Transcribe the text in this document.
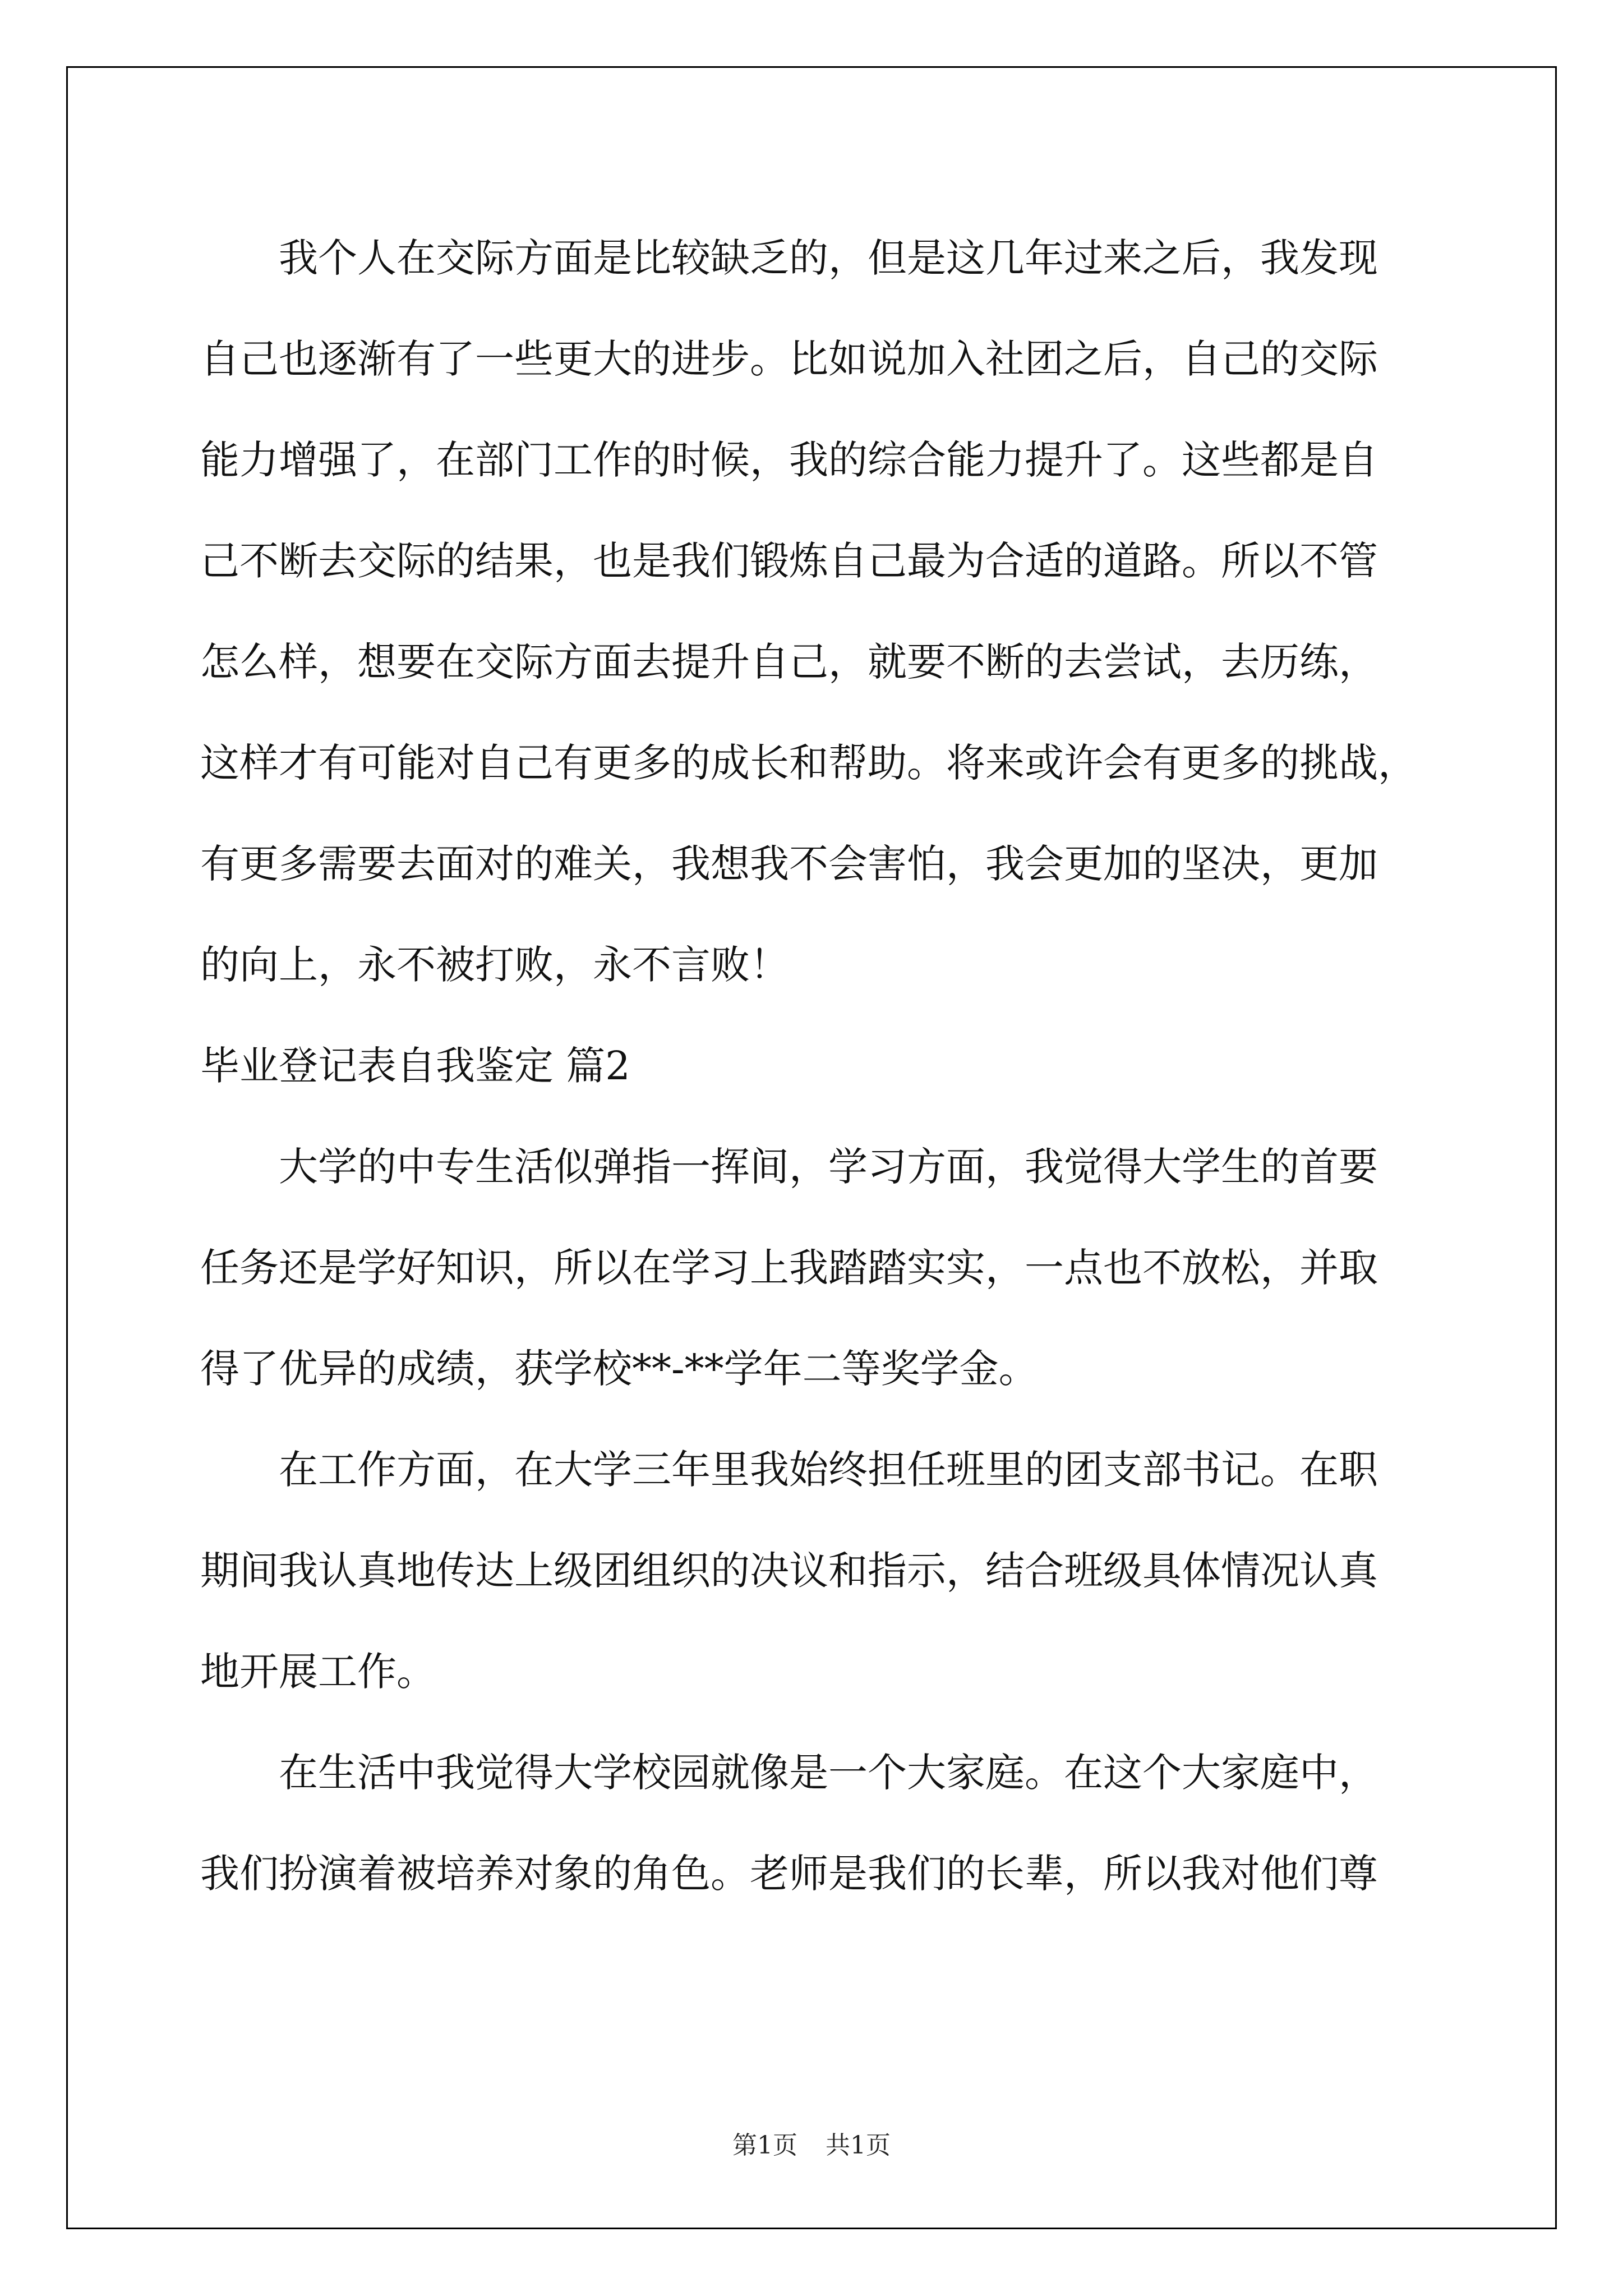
我个人在交际方面是比较缺乏的，但是这几年过来之后，我发现
自己也逐渐有了一些更大的进步。比如说加入社团之后，自己的交际
能力增强了，在部门工作的时候，我的综合能力提升了。这些都是自
己不断去交际的结果，也是我们锻炼自己最为合适的道路。所以不管
怎么样，想要在交际方面去提升自己，就要不断的去尝试，去历练，
这样才有可能对自己有更多的成长和帮助。将来或许会有更多的挑战，
有更多需要去面对的难关，我想我不会害怕，我会更加的坚决，更加
的向上，永不被打败，永不言败！
毕业登记表自我鉴定 篇2
大学的中专生活似弹指一挥间，学习方面，我觉得大学生的首要
任务还是学好知识，所以在学习上我踏踏实实，一点也不放松，并取
得了优异的成绩，获学校**-**学年二等奖学金。
在工作方面，在大学三年里我始终担任班里的团支部书记。在职
期间我认真地传达上级团组织的决议和指示，结合班级具体情况认真
地开展工作。
在生活中我觉得大学校园就像是一个大家庭。在这个大家庭中，
我们扮演着被培养对象的角色。老师是我们的长辈，所以我对他们尊
第1页 共1页
